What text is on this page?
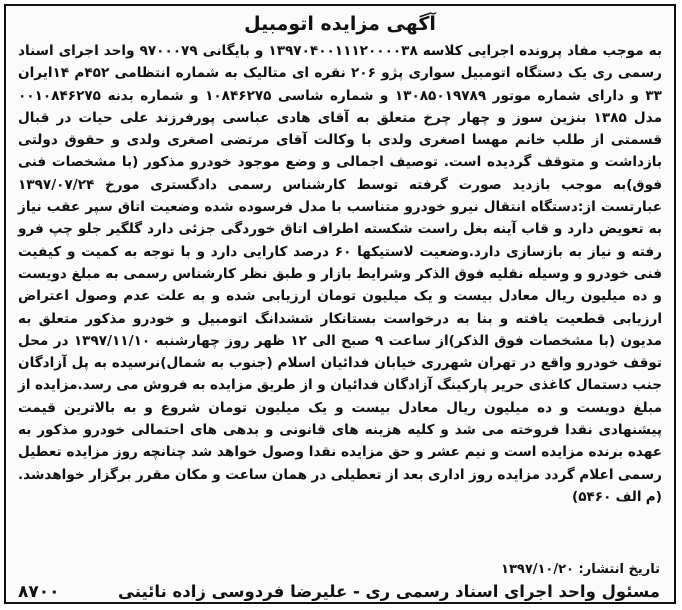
آگهی مزایده اتومبیل
به موجب مفاد پرونده اجرایی کلاسه ۱۳۹۷۰۴۰۰۱۱۱۲۰۰۰۰۳۸ و بایگانی ۹۷۰۰۰۷۹ واحد اجرای اسناد رسمی ری یک دستگاه اتومبیل سواری پژو ۲۰۶ نقره ای متالیک به شماره انتظامی ۴۵۲م ۱۴ایران ۳۳ و دارای شماره موتور ۱۳۰۸۵۰۱۹۷۸۹ و شماره شاسی ۱۰۸۴۶۲۷۵ و شماره بدنه ۰۰۱۰۸۴۶۲۷۵ مدل ۱۳۸۵ بنزین سوز و چهار چرخ متعلق به آقای هادی عباسی پورفرزند علی حیات در قبال قسمتی از طلب خانم مهسا اصغری ولدی با وکالت آقای مرتضی اصغری ولدی و حقوق دولتی بازداشت و متوقف گردیده است. توصیف اجمالی و وضع موجود خودرو مذکور (با مشخصات فنی فوق)به موجب بازدید صورت گرفته توسط کارشناس رسمی دادگستری مورخ ۱۳۹۷/۰۷/۲۴ عبارتست از:دستگاه انتقال نیرو خودرو متناسب با مدل فرسوده شده وضعیت اتاق سپر عقب نیاز به تعویض دارد و قاب آینه بغل راست شکسته اطراف اتاق خوردگی جزئی دارد گلگیر جلو چپ فرو رفته و نیاز به بازسازی دارد.وضعیت لاستیکها ۶۰ درصد کارایی دارد و با توجه به کمیت و کیفیت فنی خودرو و وسیله نقلیه فوق الذکر وشرایط بازار و طبق نظر کارشناس رسمی به مبلغ دویست و ده میلیون ریال معادل بیست و یک میلیون تومان ارزیابی شده و به علت عدم وصول اعتراض ارزیابی قطعیت یافته و بنا به درخواست بستانکار ششدانگ اتومبیل و خودرو مذکور متعلق به مدیون (با مشخصات فوق الذکر)از ساعت ۹ صبح الی ۱۲ ظهر روز چهارشنبه ۱۳۹۷/۱۱/۱۰ در محل توقف خودرو واقع در تهران شهرری خیابان فدائیان اسلام (جنوب به شمال)نرسیده به پل آزادگان جنب دستمال کاغذی حریر پارکینگ آزادگان فدائیان و از طریق مزایده به فروش می رسد.مزایده از مبلغ دویست و ده میلیون ریال معادل بیست و یک میلیون تومان شروع و به بالاترین قیمت پیشنهادی نقدا فروخته می شد و کلیه هزینه های قانونی و بدهی های احتمالی خودرو مذکور به عهده برنده مزایده است و نیم عشر و حق مزایده نقدا وصول خواهد شد چنانچه روز مزایده تعطیل رسمی اعلام گردد مزایده روز اداری بعد از تعطیلی در همان ساعت و مکان مقرر برگزار خواهدشد.(م الف ۵۴۶۰)
تاریخ انتشار: ۱۳۹۷/۱۰/۲۰
مسئول واحد اجرای اسناد رسمی ری - علیرضا فردوسی زاده نائینی
۸۷۰۰
